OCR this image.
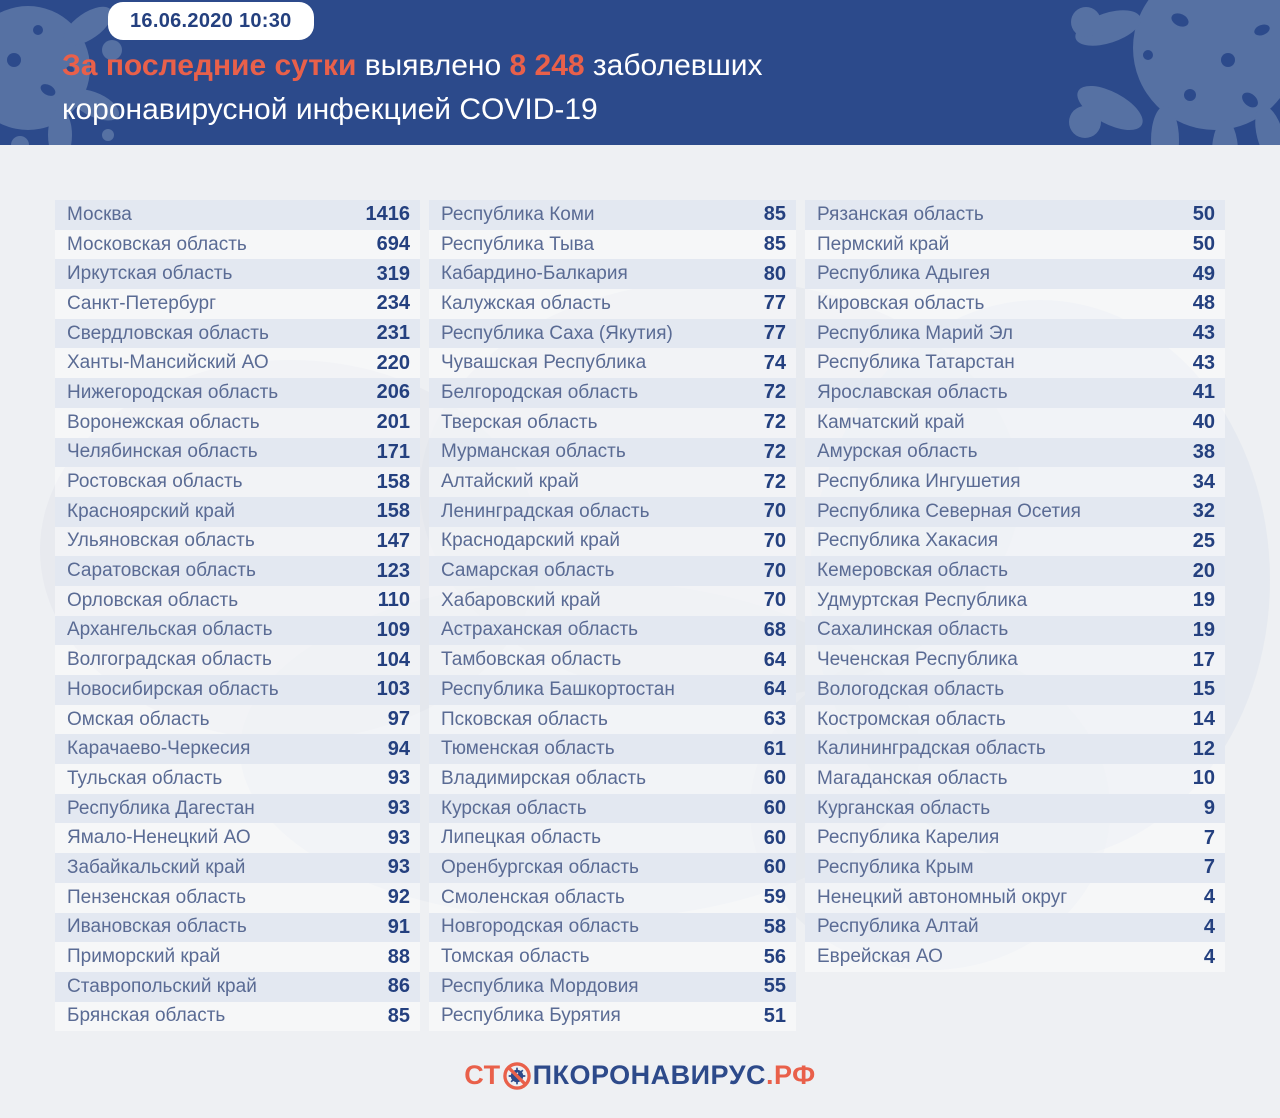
16.06.2020 10:30
За последние сутки выявлено 8 248 заболевших
коронавирусной инфекцией COVID-19
Москва	1416
Московская область	694
Иркутская область	319
Санкт-Петербург	234
Свердловская область	231
Ханты-Мансийский АО	220
Нижегородская область	206
Воронежская область	201
Челябинская область	171
Ростовская область	158
Красноярский край	158
Ульяновская область	147
Саратовская область	123
Орловская область	110
Архангельская область	109
Волгоградская область	104
Новосибирская область	103
Омская область	97
Карачаево-Черкесия	94
Тульская область	93
Республика Дагестан	93
Ямало-Ненецкий АО	93
Забайкальский край	93
Пензенская область	92
Ивановская область	91
Приморский край	88
Ставропольский край	86
Брянская область	85
Республика Коми	85
Республика Тыва	85
Кабардино-Балкария	80
Калужская область	77
Республика Саха (Якутия)	77
Чувашская Республика	74
Белгородская область	72
Тверская область	72
Мурманская область	72
Алтайский край	72
Ленинградская область	70
Краснодарский край	70
Самарская область	70
Хабаровский край	70
Астраханская область	68
Тамбовская область	64
Республика Башкортостан	64
Псковская область	63
Тюменская область	61
Владимирская область	60
Курская область	60
Липецкая область	60
Оренбургская область	60
Смоленская область	59
Новгородская область	58
Томская область	56
Республика Мордовия	55
Республика Бурятия	51
Рязанская область	50
Пермский край	50
Республика Адыгея	49
Кировская область	48
Республика Марий Эл	43
Республика Татарстан	43
Ярославская область	41
Камчатский край	40
Амурская область	38
Республика Ингушетия	34
Республика Северная Осетия	32
Республика Хакасия	25
Кемеровская область	20
Удмуртская Республика	19
Сахалинская область	19
Чеченская Республика	17
Вологодская область	15
Костромская область	14
Калининградская область	12
Магаданская область	10
Курганская область	9
Республика Карелия	7
Республика Крым	7
Ненецкий автономный округ	4
Республика Алтай	4
Еврейская АО	4
СТ ПКОРОНАВИРУС .РФ
